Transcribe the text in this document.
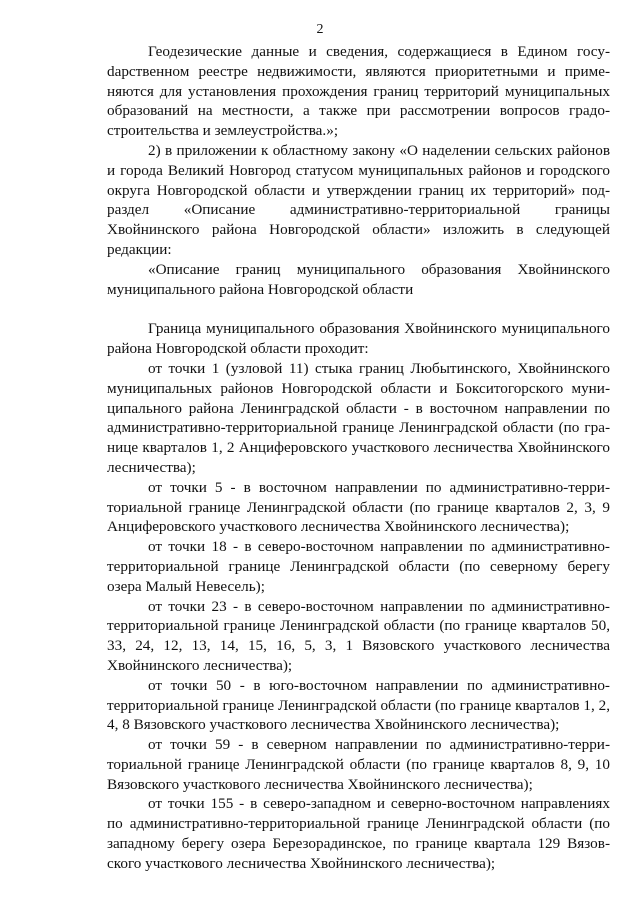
2

Геодезические данные и сведения, содержащиеся в Едином госуdарственном реестре недвижимости, являются приоритетными и применяются для установления прохождения границ территорий муниципальных образований на местности, а также при рассмотрении вопросов градостроительства и землеустройства.»;

2) в приложении к областному закону «О наделении сельских районов и города Великий Новгород статусом муниципальных районов и городского округа Новгородской области и утверждении границ их территорий» подраздел «Описание административно-территориальной границы Хвойнинского района Новгородской области» изложить в следующей редакции:

«Описание границ муниципального образования Хвойнинского муниципального района Новгородской области

Граница муниципального образования Хвойнинского муниципального района Новгородской области проходит:

от точки 1 (узловой 11) стыка границ Любытинского, Хвойнинского муниципальных районов Новгородской области и Бокситогорского муниципального района Ленинградской области - в восточном направлении по административно-территориальной границе Ленинградской области (по границе кварталов 1, 2 Анциферовского участкового лесничества Хвойнинского лесничества);

от точки 5 - в восточном направлении по административно-территориальной границе Ленинградской области (по границе кварталов 2, 3, 9 Анциферовского участкового лесничества Хвойнинского лесничества);

от точки 18 - в северо-восточном направлении по административно-территориальной границе Ленинградской области (по северному берегу озера Малый Невесель);

от точки 23 - в северо-восточном направлении по административно-территориальной границе Ленинградской области (по границе кварталов 50, 33, 24, 12, 13, 14, 15, 16, 5, 3, 1 Вязовского участкового лесничества Хвойнинского лесничества);

от точки 50 - в юго-восточном направлении по административно-территориальной границе Ленинградской области (по границе кварталов 1, 2, 4, 8 Вязовского участкового лесничества Хвойнинского лесничества);

от точки 59 - в северном направлении по административно-территориальной границе Ленинградской области (по границе кварталов 8, 9, 10 Вязовского участкового лесничества Хвойнинского лесничества);

от точки 155 - в северо-западном и северно-восточном направлениях по административно-территориальной границе Ленинградской области (по западному берегу озера Березорадинское, по границе квартала 129 Вязовского участкового лесничества Хвойнинского лесничества);
